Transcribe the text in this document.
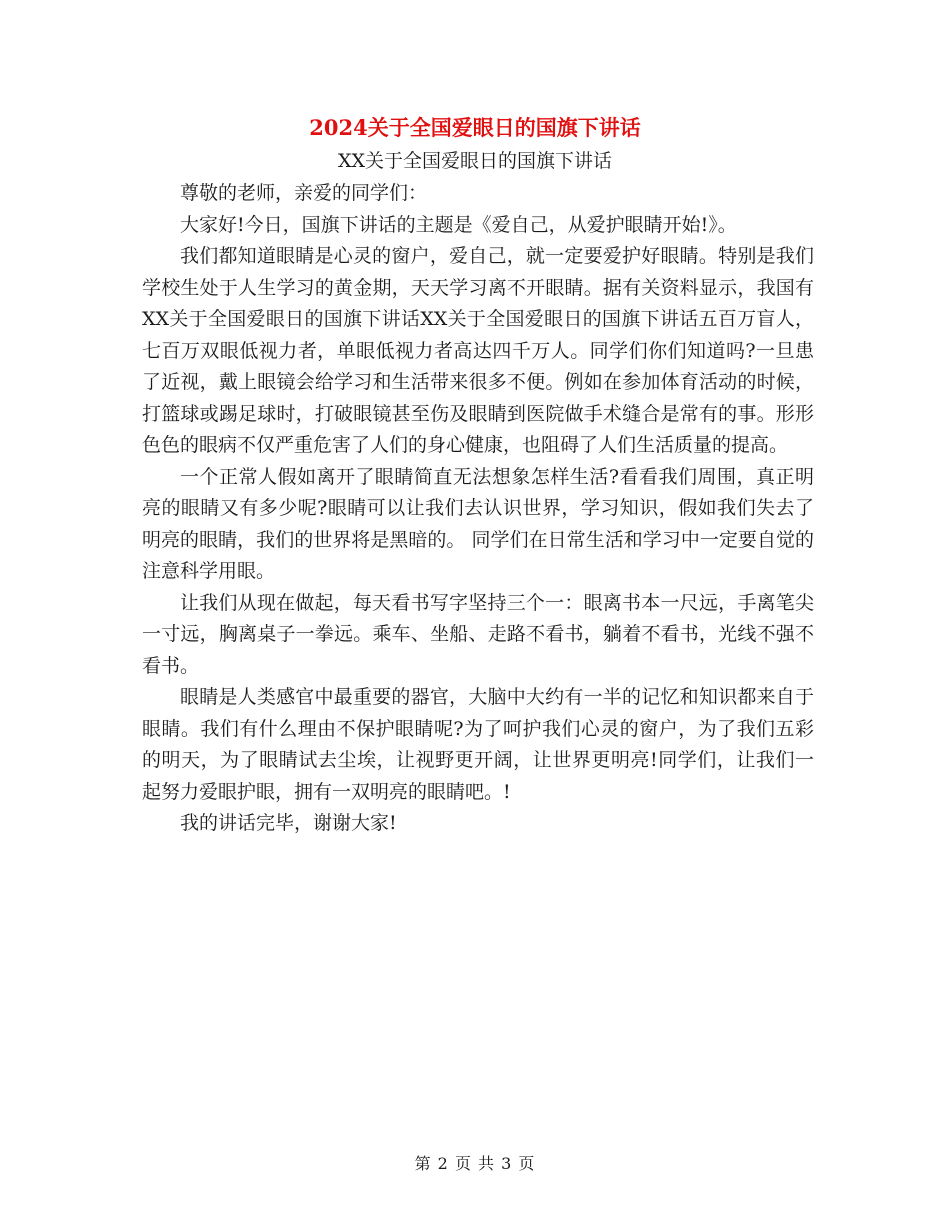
2024关于全国爱眼日的国旗下讲话
XX关于全国爱眼日的国旗下讲话

尊敬的老师，亲爱的同学们：

大家好!今日，国旗下讲话的主题是《爱自己，从爱护眼睛开始!》。

我们都知道眼睛是心灵的窗户，爱自己，就一定要爱护好眼睛。特别是我们学校生处于人生学习的黄金期，天天学习离不开眼睛。据有关资料显示，我国有XX关于全国爱眼日的国旗下讲话XX关于全国爱眼日的国旗下讲话五百万盲人，七百万双眼低视力者，单眼低视力者高达四千万人。同学们你们知道吗?一旦患了近视，戴上眼镜会给学习和生活带来很多不便。例如在参加体育活动的时候，打篮球或踢足球时，打破眼镜甚至伤及眼睛到医院做手术缝合是常有的事。形形色色的眼病不仅严重危害了人们的身心健康，也阻碍了人们生活质量的提高。

一个正常人假如离开了眼睛简直无法想象怎样生活?看看我们周围，真正明亮的眼睛又有多少呢?眼睛可以让我们去认识世界，学习知识，假如我们失去了明亮的眼睛，我们的世界将是黑暗的。 同学们在日常生活和学习中一定要自觉的注意科学用眼。

让我们从现在做起，每天看书写字坚持三个一：眼离书本一尺远，手离笔尖一寸远，胸离桌子一拳远。乘车、坐船、走路不看书，躺着不看书，光线不强不看书。

眼睛是人类感官中最重要的器官，大脑中大约有一半的记忆和知识都来自于眼睛。我们有什么理由不保护眼睛呢?为了呵护我们心灵的窗户，为了我们五彩的明天，为了眼睛试去尘埃，让视野更开阔，让世界更明亮!同学们，让我们一起努力爱眼护眼，拥有一双明亮的眼睛吧。!

我的讲话完毕，谢谢大家!

第 2 页 共 3 页
